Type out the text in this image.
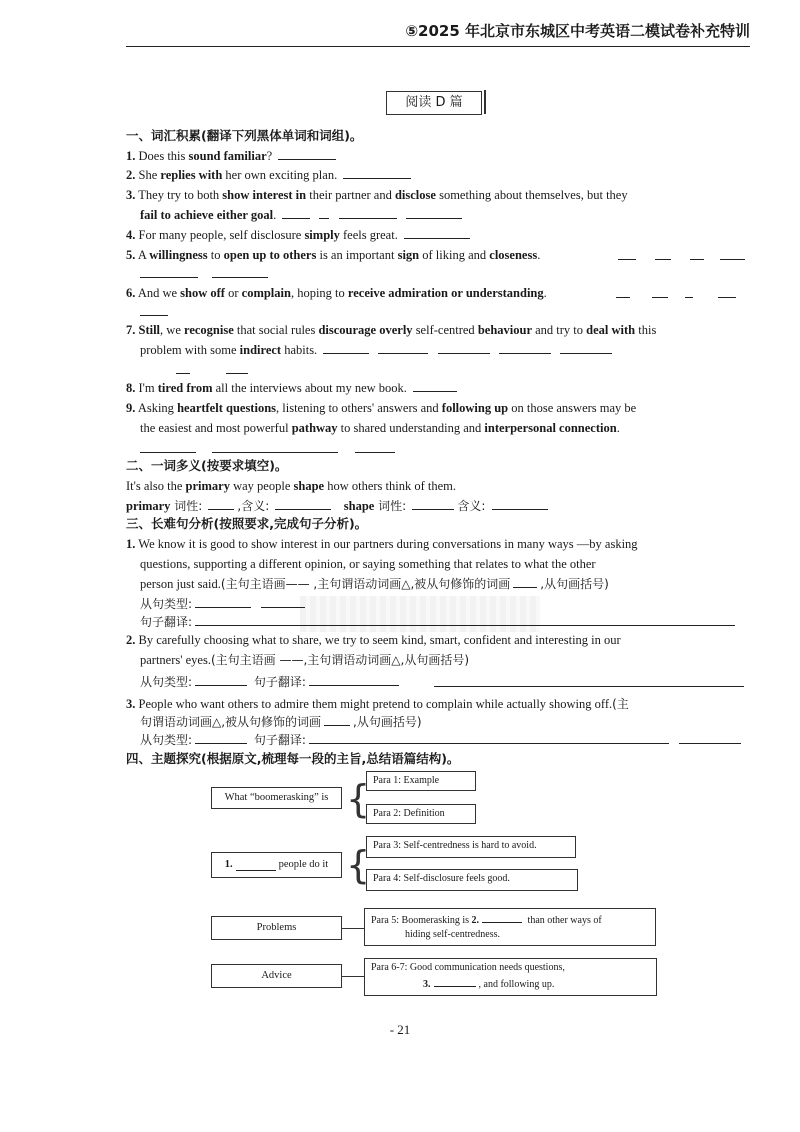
⑤2025 年北京市东城区中考英语二模试卷补充特训
阅读 D 篇
一、词汇积累(翻译下列黑体单词和词组)。
1. Does this sound familiar?
2. She replies with her own exciting plan.
3. They try to both show interest in their partner and disclose something about themselves, but they
fail to achieve either goal.
4. For many people, self disclosure simply feels great.
5. A willingness to open up to others is an important sign of liking and closeness.
6. And we show off or complain, hoping to receive admiration or understanding.
7. Still, we recognise that social rules discourage overly self-centred behaviour and try to deal with this
problem with some indirect habits.
8. I'm tired from all the interviews about my new book.
9. Asking heartfelt questions, listening to others' answers and following up on those answers may be
the easiest and most powerful pathway to shared understanding and interpersonal connection.
二、一词多义(按要求填空)。
It's also the primary way people shape how others think of them.
primary 词性:	,含义:	shape 词性:	含义:
三、长难句分析(按照要求,完成句子分析)。
1. We know it is good to show interest in our partners during conversations in many ways —by asking
questions, supporting a different opinion, or saying something that relates to what the other
person just said.(主句主语画—— ,主句谓语动词画△,被从句修饰的词画	,从句画括号)
从句类型:
句子翻译:
2. By carefully choosing what to share, we try to seem kind, smart, confident and interesting in our
partners' eyes.(主句主语画 ——,主句谓语动词画△,从句画括号)
从句类型:	句子翻译:
3. People who want others to admire them might pretend to complain while actually showing off.(主
句谓语动词画△,被从句修饰的词画	,从句画括号)
从句类型:	句子翻译:
四、主题探究(根据原文,梳理每一段的主旨,总结语篇结构)。
What “boomerasking” is { Para 1: Example
Para 2: Definition
1.	people do it { Para 3: Self-centredness is hard to avoid.
Para 4: Self-disclosure feels good.
Problems
Para 5: Boomerasking is 2.	than other ways of
hiding self-centredness.
Advice
Para 6-7: Good communication needs questions,
3.	, and following up.
- 21
